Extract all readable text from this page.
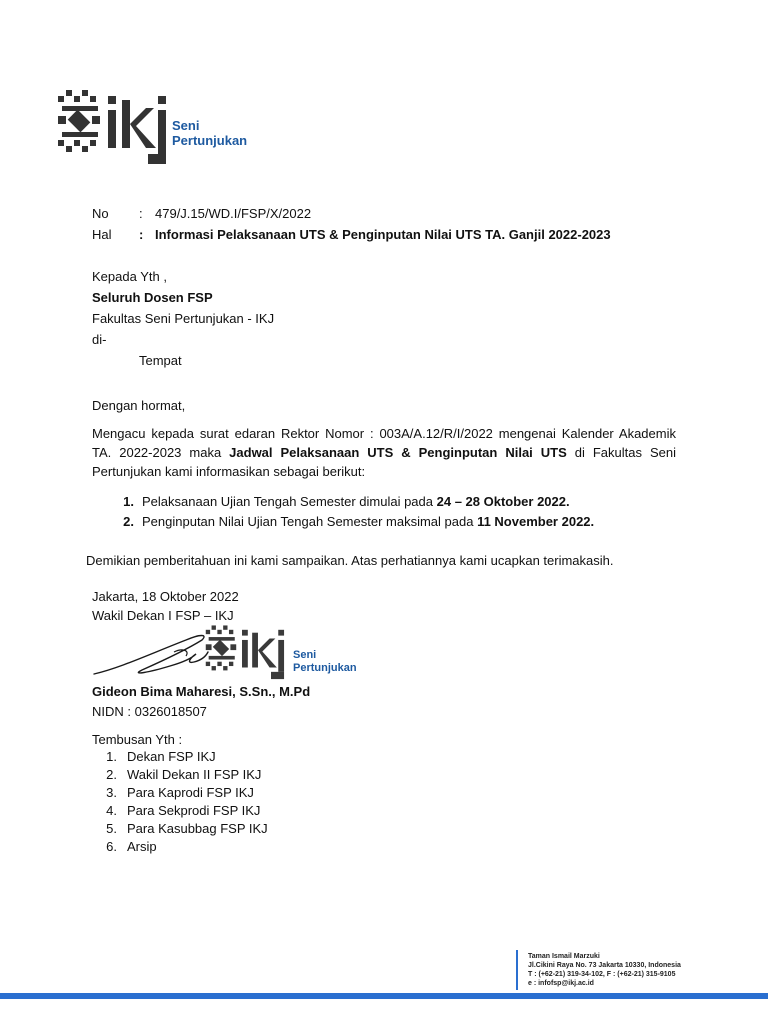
Seni
Pertunjukan
No : 479/J.15/WD.I/FSP/X/2022
Hal : Informasi Pelaksanaan UTS & Penginputan Nilai UTS TA. Ganjil 2022-2023
Kepada Yth ,
Seluruh Dosen FSP
Fakultas Seni Pertunjukan - IKJ
di-
Tempat
Dengan hormat,
Mengacu kepada surat edaran Rektor Nomor : 003A/A.12/R/I/2022 mengenai Kalender Akademik TA. 2022-2023 maka Jadwal Pelaksanaan UTS & Penginputan Nilai UTS di Fakultas Seni Pertunjukan kami informasikan sebagai berikut:
1. Pelaksanaan Ujian Tengah Semester dimulai pada 24 – 28 Oktober 2022.
2. Penginputan Nilai Ujian Tengah Semester maksimal pada 11 November 2022.
Demikian pemberitahuan ini kami sampaikan. Atas perhatiannya kami ucapkan terimakasih.
Jakarta, 18 Oktober 2022
Wakil Dekan I FSP – IKJ
Seni
Pertunjukan
Gideon Bima Maharesi, S.Sn., M.Pd
NIDN : 0326018507
Tembusan Yth :
1. Dekan FSP IKJ
2. Wakil Dekan II FSP IKJ
3. Para Kaprodi FSP IKJ
4. Para Sekprodi FSP IKJ
5. Para Kasubbag FSP IKJ
6. Arsip
Taman Ismail Marzuki
Jl.Cikini Raya No. 73 Jakarta 10330, Indonesia
T : (+62-21) 319-34-102, F : (+62-21) 315-9105
e : infofsp@ikj.ac.id
